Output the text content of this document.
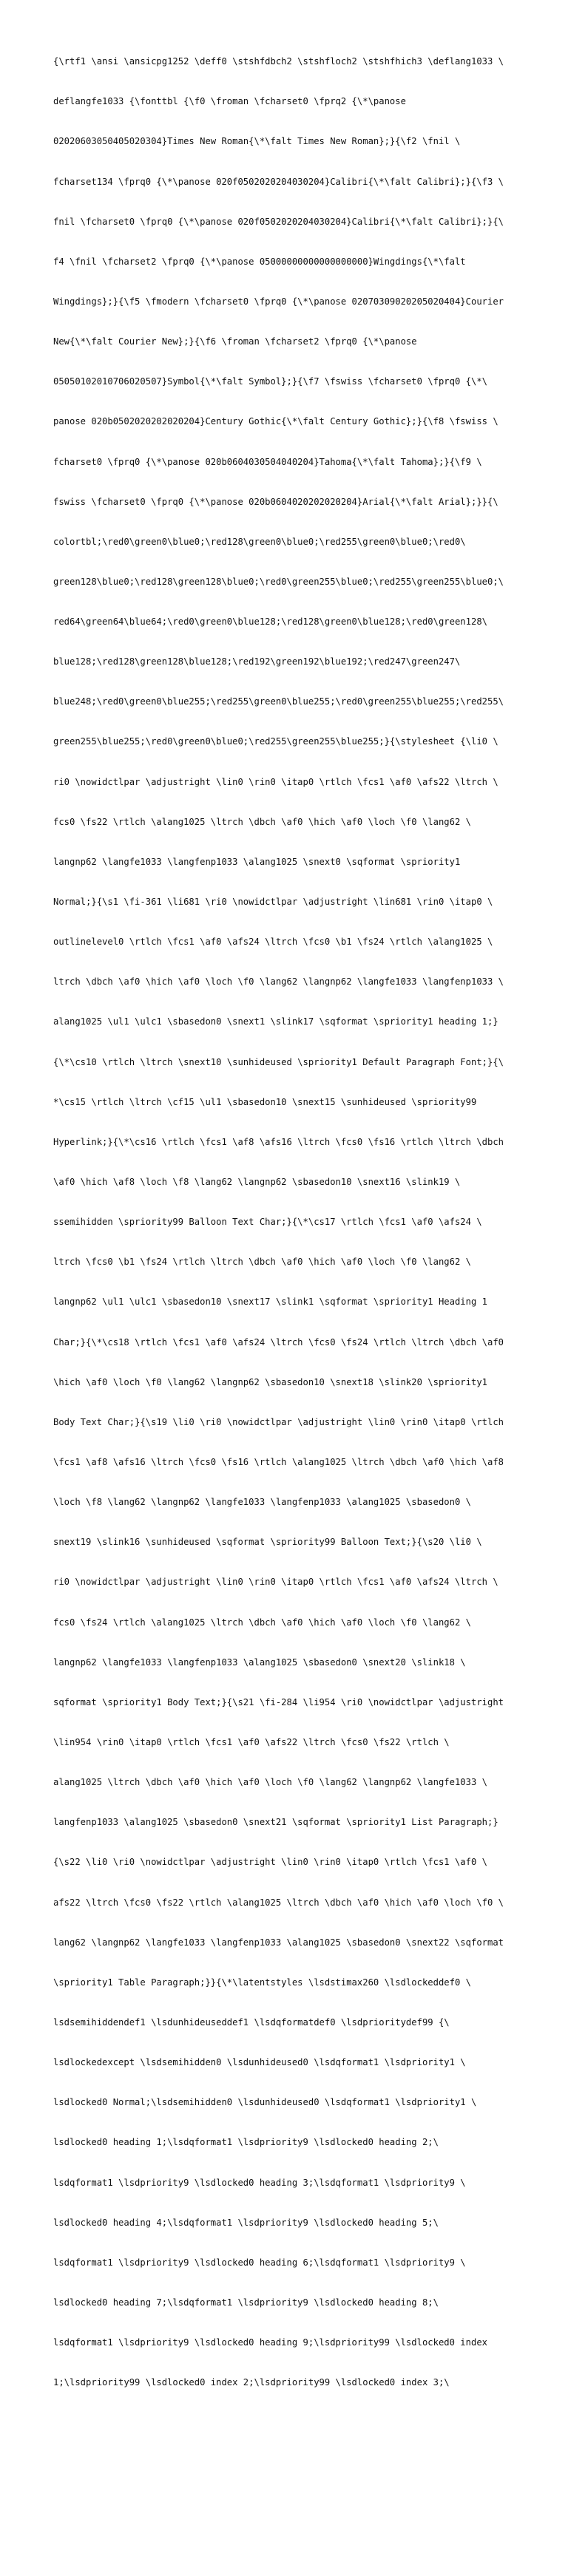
{\rtf1 \ansi \ansicpg1252 \deff0 \stshfdbch2 \stshfloch2 \stshfhich3 \deflang1033 \

deflangfe1033 {\fonttbl {\f0 \froman \fcharset0 \fprq2 {\*\panose

02020603050405020304}Times New Roman{\*\falt Times New Roman};}{\f2 \fnil \

fcharset134 \fprq0 {\*\panose 020f0502020204030204}Calibri{\*\falt Calibri};}{\f3 \

fnil \fcharset0 \fprq0 {\*\panose 020f0502020204030204}Calibri{\*\falt Calibri};}{\

f4 \fnil \fcharset2 \fprq0 {\*\panose 05000000000000000000}Wingdings{\*\falt

Wingdings};}{\f5 \fmodern \fcharset0 \fprq0 {\*\panose 02070309020205020404}Courier

New{\*\falt Courier New};}{\f6 \froman \fcharset2 \fprq0 {\*\panose

05050102010706020507}Symbol{\*\falt Symbol};}{\f7 \fswiss \fcharset0 \fprq0 {\*\

panose 020b0502020202020204}Century Gothic{\*\falt Century Gothic};}{\f8 \fswiss \

fcharset0 \fprq0 {\*\panose 020b0604030504040204}Tahoma{\*\falt Tahoma};}{\f9 \

fswiss \fcharset0 \fprq0 {\*\panose 020b0604020202020204}Arial{\*\falt Arial};}}{\

colortbl;\red0\green0\blue0;\red128\green0\blue0;\red255\green0\blue0;\red0\

green128\blue0;\red128\green128\blue0;\red0\green255\blue0;\red255\green255\blue0;\

red64\green64\blue64;\red0\green0\blue128;\red128\green0\blue128;\red0\green128\

blue128;\red128\green128\blue128;\red192\green192\blue192;\red247\green247\

blue248;\red0\green0\blue255;\red255\green0\blue255;\red0\green255\blue255;\red255\

green255\blue255;\red0\green0\blue0;\red255\green255\blue255;}{\stylesheet {\li0 \

ri0 \nowidctlpar \adjustright \lin0 \rin0 \itap0 \rtlch \fcs1 \af0 \afs22 \ltrch \

fcs0 \fs22 \rtlch \alang1025 \ltrch \dbch \af0 \hich \af0 \loch \f0 \lang62 \

langnp62 \langfe1033 \langfenp1033 \alang1025 \snext0 \sqformat \spriority1

Normal;}{\s1 \fi-361 \li681 \ri0 \nowidctlpar \adjustright \lin681 \rin0 \itap0 \

outlinelevel0 \rtlch \fcs1 \af0 \afs24 \ltrch \fcs0 \b1 \fs24 \rtlch \alang1025 \

ltrch \dbch \af0 \hich \af0 \loch \f0 \lang62 \langnp62 \langfe1033 \langfenp1033 \

alang1025 \ul1 \ulc1 \sbasedon0 \snext1 \slink17 \sqformat \spriority1 heading 1;}

{\*\cs10 \rtlch \ltrch \snext10 \sunhideused \spriority1 Default Paragraph Font;}{\

*\cs15 \rtlch \ltrch \cf15 \ul1 \sbasedon10 \snext15 \sunhideused \spriority99

Hyperlink;}{\*\cs16 \rtlch \fcs1 \af8 \afs16 \ltrch \fcs0 \fs16 \rtlch \ltrch \dbch

\af0 \hich \af8 \loch \f8 \lang62 \langnp62 \sbasedon10 \snext16 \slink19 \

ssemihidden \spriority99 Balloon Text Char;}{\*\cs17 \rtlch \fcs1 \af0 \afs24 \

ltrch \fcs0 \b1 \fs24 \rtlch \ltrch \dbch \af0 \hich \af0 \loch \f0 \lang62 \

langnp62 \ul1 \ulc1 \sbasedon10 \snext17 \slink1 \sqformat \spriority1 Heading 1

Char;}{\*\cs18 \rtlch \fcs1 \af0 \afs24 \ltrch \fcs0 \fs24 \rtlch \ltrch \dbch \af0

\hich \af0 \loch \f0 \lang62 \langnp62 \sbasedon10 \snext18 \slink20 \spriority1

Body Text Char;}{\s19 \li0 \ri0 \nowidctlpar \adjustright \lin0 \rin0 \itap0 \rtlch

\fcs1 \af8 \afs16 \ltrch \fcs0 \fs16 \rtlch \alang1025 \ltrch \dbch \af0 \hich \af8

\loch \f8 \lang62 \langnp62 \langfe1033 \langfenp1033 \alang1025 \sbasedon0 \

snext19 \slink16 \sunhideused \sqformat \spriority99 Balloon Text;}{\s20 \li0 \

ri0 \nowidctlpar \adjustright \lin0 \rin0 \itap0 \rtlch \fcs1 \af0 \afs24 \ltrch \

fcs0 \fs24 \rtlch \alang1025 \ltrch \dbch \af0 \hich \af0 \loch \f0 \lang62 \

langnp62 \langfe1033 \langfenp1033 \alang1025 \sbasedon0 \snext20 \slink18 \

sqformat \spriority1 Body Text;}{\s21 \fi-284 \li954 \ri0 \nowidctlpar \adjustright

\lin954 \rin0 \itap0 \rtlch \fcs1 \af0 \afs22 \ltrch \fcs0 \fs22 \rtlch \

alang1025 \ltrch \dbch \af0 \hich \af0 \loch \f0 \lang62 \langnp62 \langfe1033 \

langfenp1033 \alang1025 \sbasedon0 \snext21 \sqformat \spriority1 List Paragraph;}

{\s22 \li0 \ri0 \nowidctlpar \adjustright \lin0 \rin0 \itap0 \rtlch \fcs1 \af0 \

afs22 \ltrch \fcs0 \fs22 \rtlch \alang1025 \ltrch \dbch \af0 \hich \af0 \loch \f0 \

lang62 \langnp62 \langfe1033 \langfenp1033 \alang1025 \sbasedon0 \snext22 \sqformat

\spriority1 Table Paragraph;}}{\*\latentstyles \lsdstimax260 \lsdlockeddef0 \

lsdsemihiddendef1 \lsdunhideuseddef1 \lsdqformatdef0 \lsdprioritydef99 {\

lsdlockedexcept \lsdsemihidden0 \lsdunhideused0 \lsdqformat1 \lsdpriority1 \

lsdlocked0 Normal;\lsdsemihidden0 \lsdunhideused0 \lsdqformat1 \lsdpriority1 \

lsdlocked0 heading 1;\lsdqformat1 \lsdpriority9 \lsdlocked0 heading 2;\

lsdqformat1 \lsdpriority9 \lsdlocked0 heading 3;\lsdqformat1 \lsdpriority9 \

lsdlocked0 heading 4;\lsdqformat1 \lsdpriority9 \lsdlocked0 heading 5;\

lsdqformat1 \lsdpriority9 \lsdlocked0 heading 6;\lsdqformat1 \lsdpriority9 \

lsdlocked0 heading 7;\lsdqformat1 \lsdpriority9 \lsdlocked0 heading 8;\

lsdqformat1 \lsdpriority9 \lsdlocked0 heading 9;\lsdpriority99 \lsdlocked0 index

1;\lsdpriority99 \lsdlocked0 index 2;\lsdpriority99 \lsdlocked0 index 3;\
